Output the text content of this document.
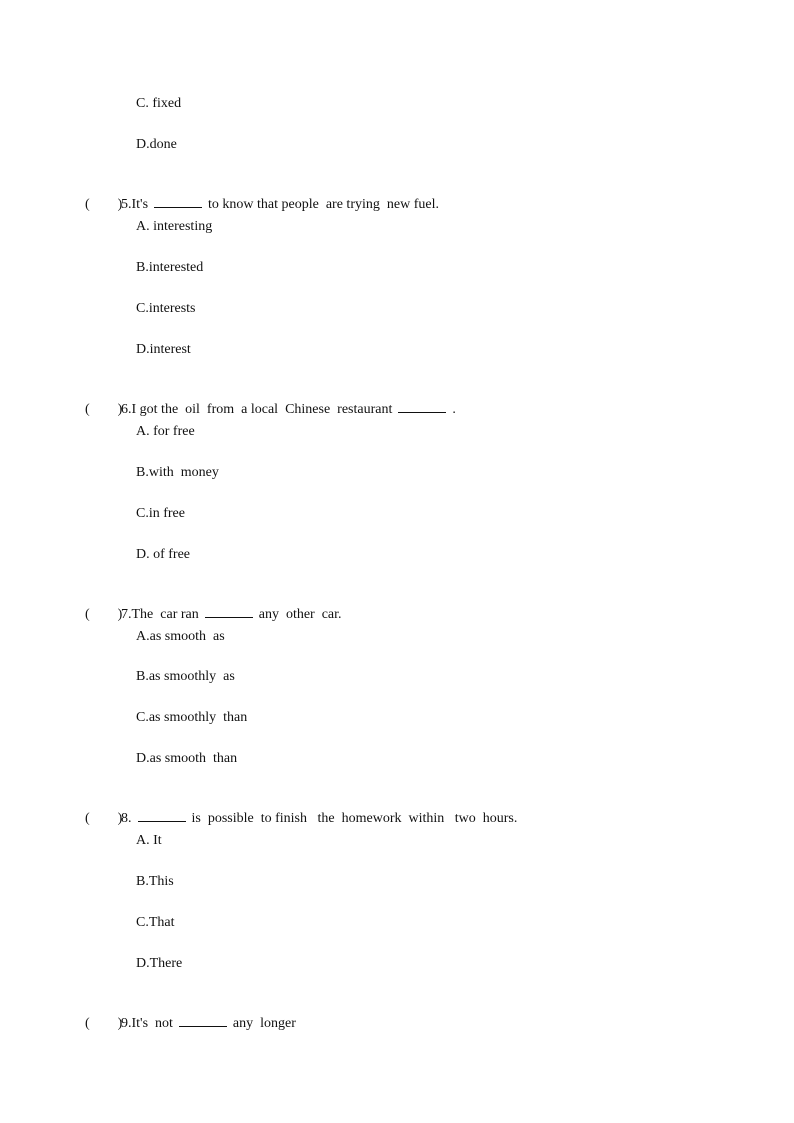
C. fixed
D.done

(        )5.It's	to know that people  are trying  new fuel.

A. interesting
B.interested
C.interests
D.interest

(        )6.I got the  oil  from  a local  Chinese  restaurant	.

A. for free
B.with  money
C.in free
D. of free

(        )7.The  car ran	any  other  car.

A.as smooth  as
B.as smoothly  as
C.as smoothly  than
D.as smooth  than

(        )8.	is  possible  to finish   the  homework  within   two  hours.

A. It
B.This
C.That
D.There

(        )9.It's  not	any  longer
